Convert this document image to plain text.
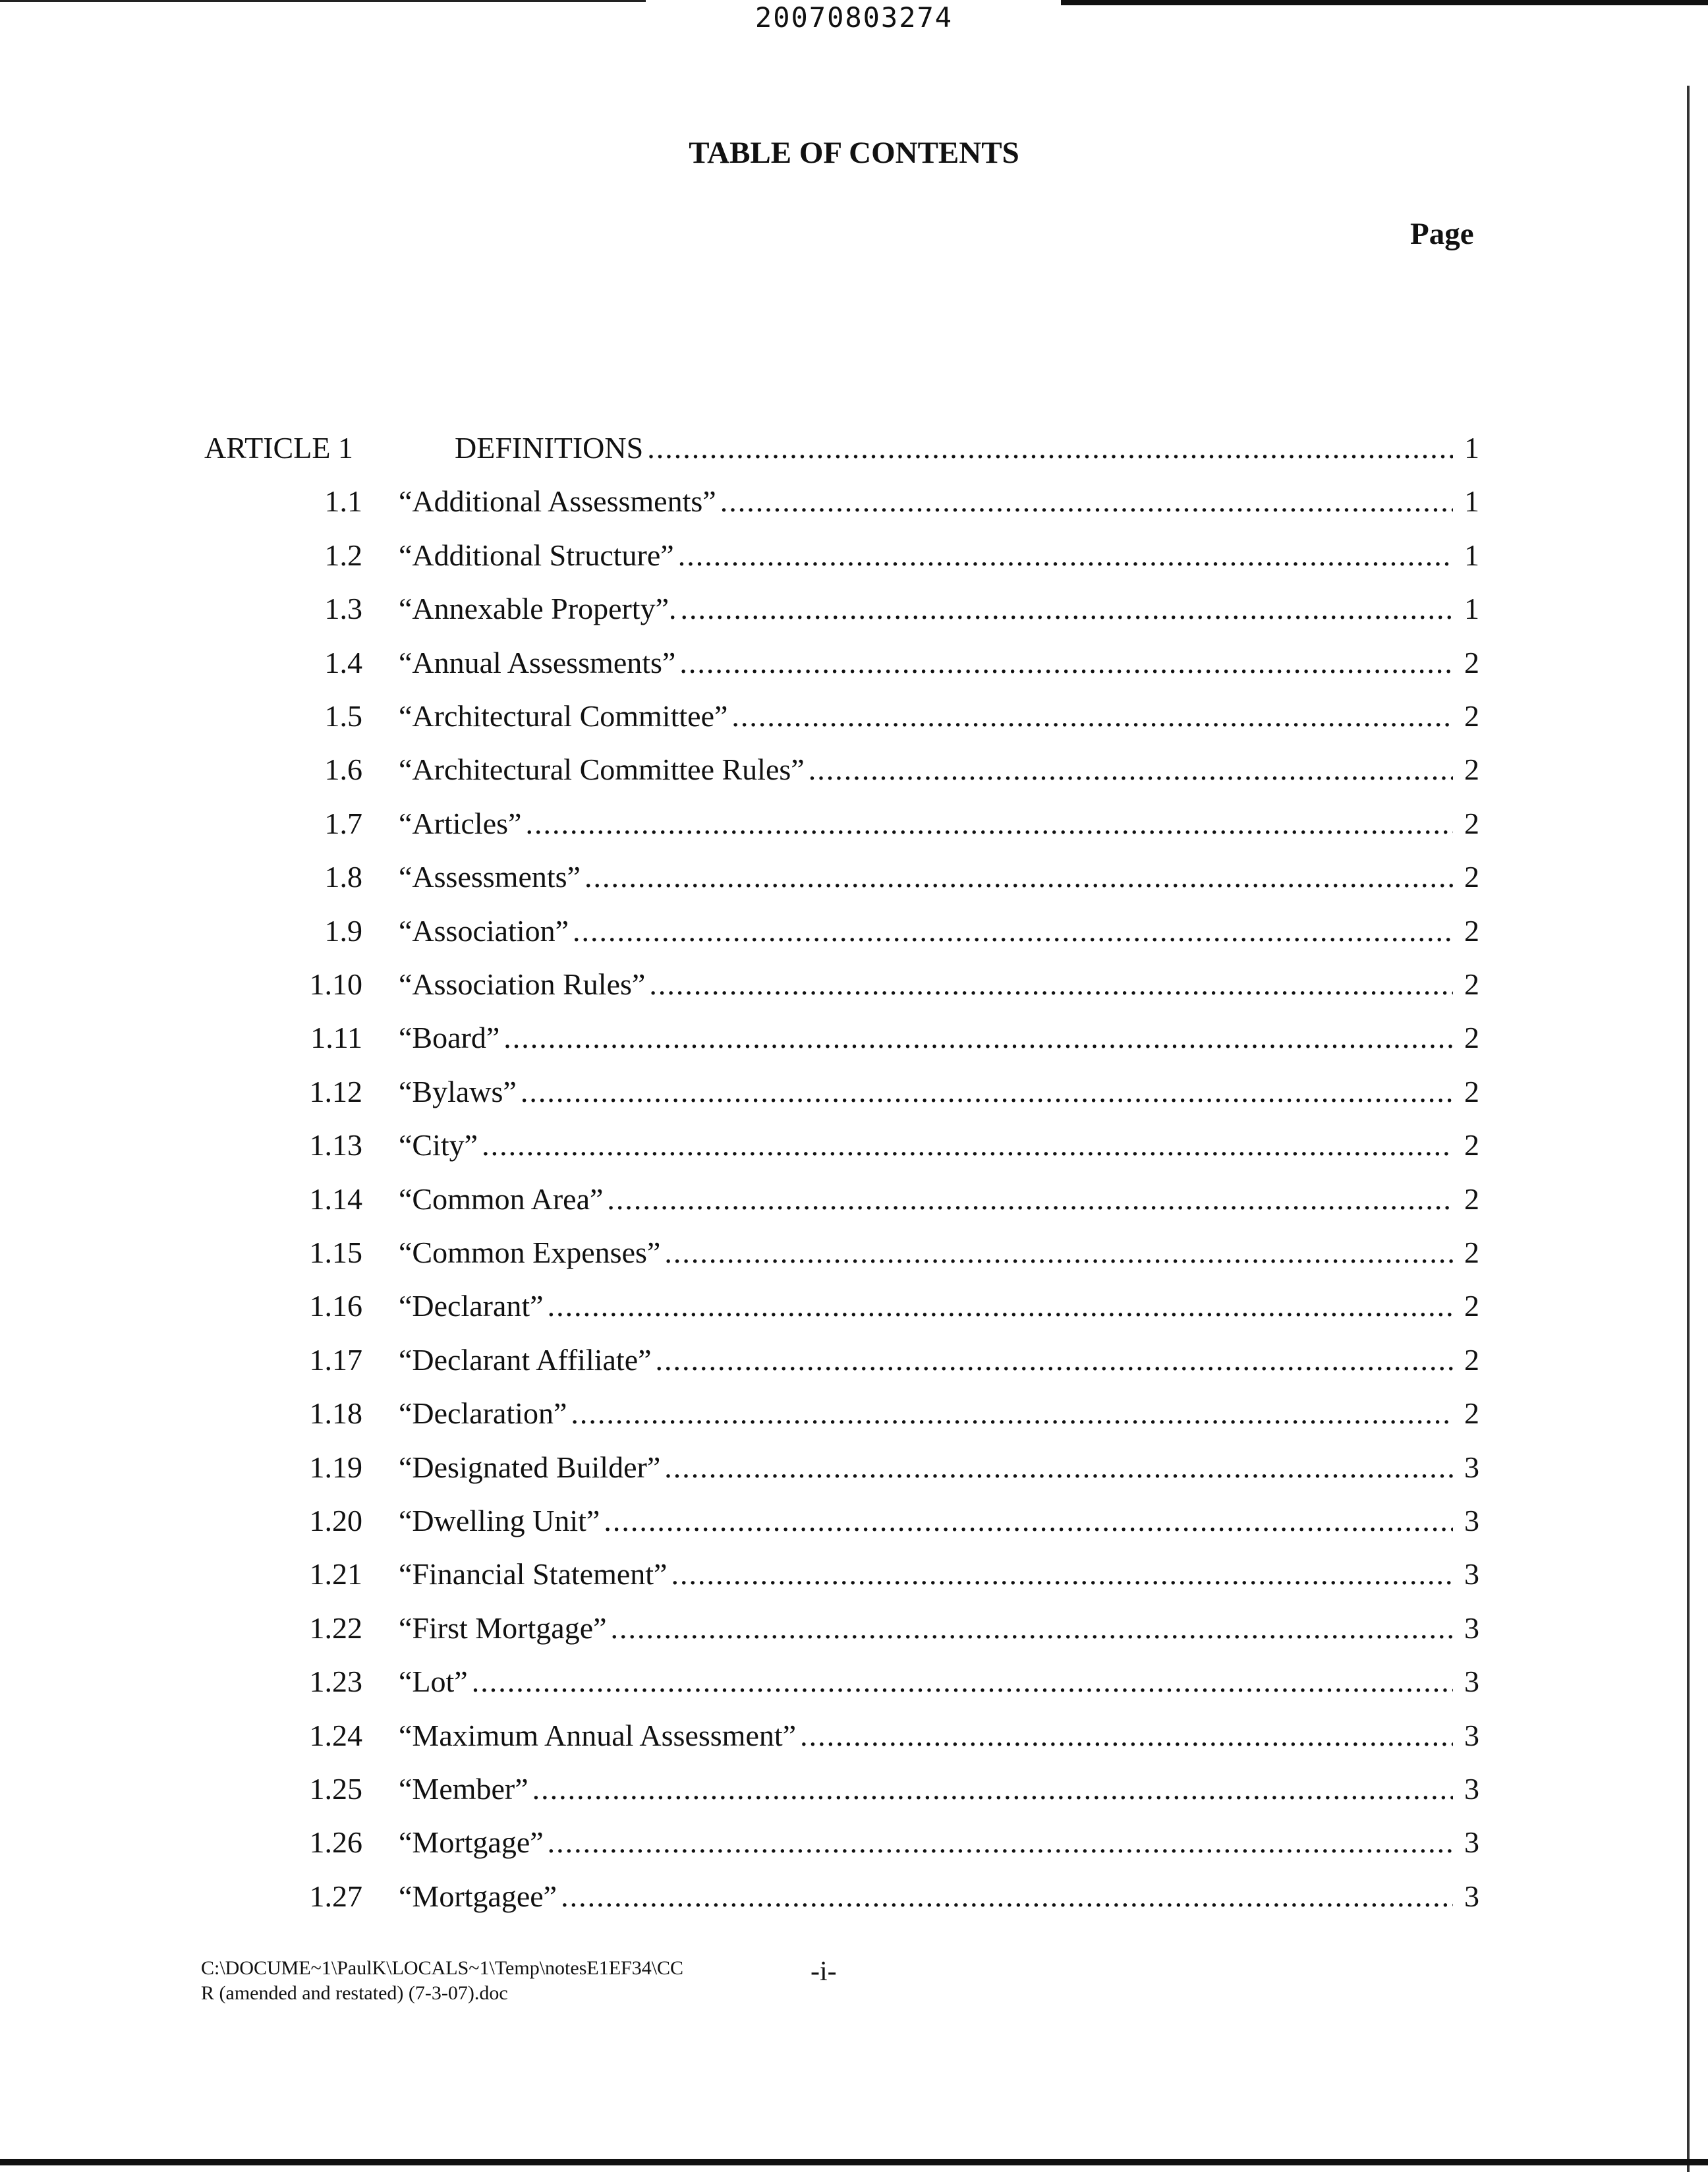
20070803274
TABLE OF CONTENTS
Page
ARTICLE 1	DEFINITIONS .....	1
1.1 “Additional Assessments” .....	1
1.2 “Additional Structure” .....	1
1.3 “Annexable Property”. .....	1
1.4 “Annual Assessments” .....	2
1.5 “Architectural Committee” .....	2
1.6 “Architectural Committee Rules” .....	2
1.7 “Articles” .....	2
1.8 “Assessments” .....	2
1.9 “Association” .....	2
1.10 “Association Rules” .....	2
1.11 “Board” .....	2
1.12 “Bylaws” .....	2
1.13 “City” .....	2
1.14 “Common Area” .....	2
1.15 “Common Expenses” .....	2
1.16 “Declarant” .....	2
1.17 “Declarant Affiliate” .....	2
1.18 “Declaration” .....	2
1.19 “Designated Builder” .....	3
1.20 “Dwelling Unit” .....	3
1.21 “Financial Statement” .....	3
1.22 “First Mortgage” .....	3
1.23 “Lot” .....	3
1.24 “Maximum Annual Assessment” .....	3
1.25 “Member” .....	3
1.26 “Mortgage” .....	3
1.27 “Mortgagee” .....	3
C:\DOCUME~1\PaulK\LOCALS~1\Temp\notesE1EF34\CC
R (amended and restated) (7-3-07).doc
-i-
